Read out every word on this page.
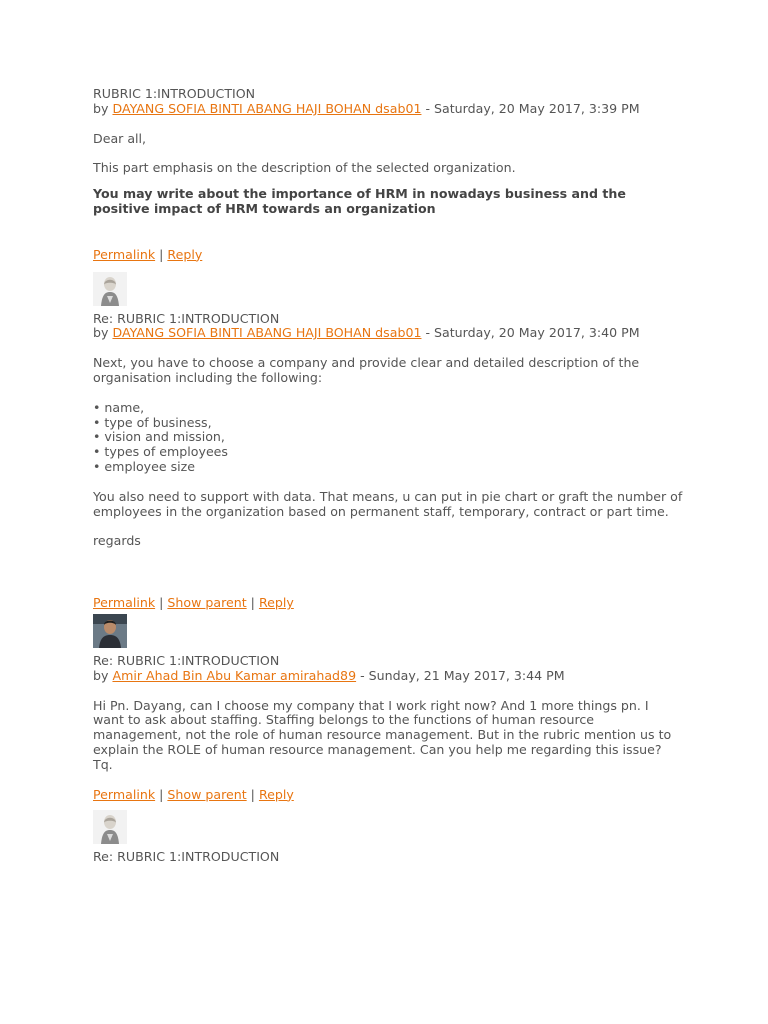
RUBRIC 1:INTRODUCTION

by DAYANG SOFIA BINTI ABANG HAJI BOHAN dsab01 - Saturday, 20 May 2017, 3:39 PM

Dear all,

This part emphasis on the description of the selected organization.

You may write about the importance of HRM in nowadays business and the positive impact of HRM towards an organization

Permalink | Reply

Re: RUBRIC 1:INTRODUCTION

by DAYANG SOFIA BINTI ABANG HAJI BOHAN dsab01 - Saturday, 20 May 2017, 3:40 PM

Next, you have to choose a company and provide clear and detailed description of the organisation including the following:

• name,
• type of business,
• vision and mission,
• types of employees
• employee size

You also need to support with data. That means, u can put in pie chart or graft the number of employees in the organization based on permanent staff, temporary, contract or part time.

regards

Permalink | Show parent | Reply

Re: RUBRIC 1:INTRODUCTION

by Amir Ahad Bin Abu Kamar amirahad89 - Sunday, 21 May 2017, 3:44 PM

Hi Pn. Dayang, can I choose my company that I work right now? And 1 more things pn. I want to ask about staffing. Staffing belongs to the functions of human resource management, not the role of human resource management. But in the rubric mention us to explain the ROLE of human resource management. Can you help me regarding this issue? Tq.

Permalink | Show parent | Reply

Re: RUBRIC 1:INTRODUCTION
